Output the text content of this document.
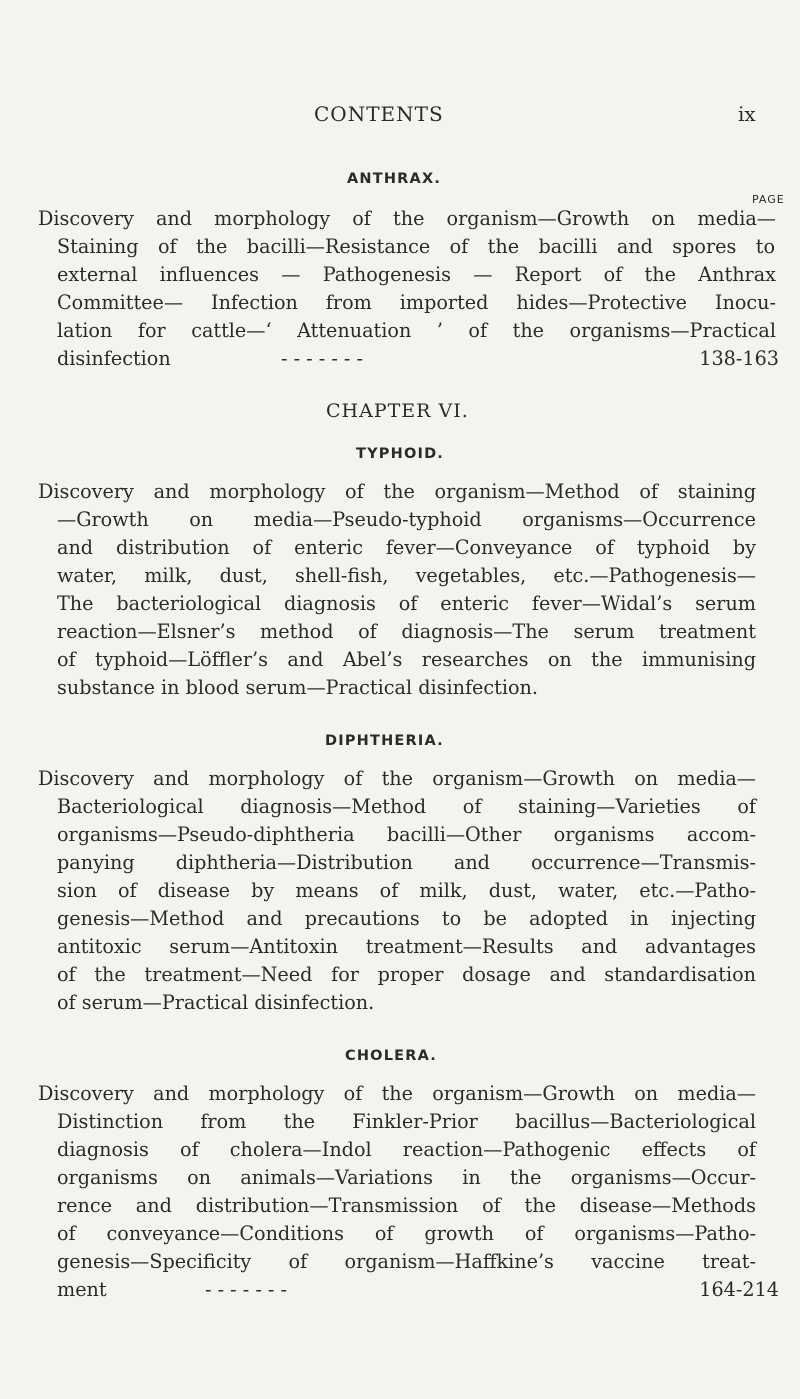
CONTENTS	ix
ANTHRAX.
PAGE
Discovery and morphology of the organism—Growth on media—
Staining of the bacilli—Resistance of the bacilli and spores to
external influences — Pathogenesis — Report of the Anthrax
Committee— Infection from imported hides—Protective Inocu-
lation for cattle—‘ Attenuation ’ of the organisms—Practical
disinfection	- - - - - - -	138-163
CHAPTER VI.
TYPHOID.
Discovery and morphology of the organism—Method of staining
—Growth on media—Pseudo-typhoid organisms—Occurrence
and distribution of enteric fever—Conveyance of typhoid by
water, milk, dust, shell-fish, vegetables, etc.—Pathogenesis—
The bacteriological diagnosis of enteric fever—Widal’s serum
reaction—Elsner’s method of diagnosis—The serum treatment
of typhoid—Löffler’s and Abel’s researches on the immunising
substance in blood serum—Practical disinfection.
DIPHTHERIA.
Discovery and morphology of the organism—Growth on media—
Bacteriological diagnosis—Method of staining—Varieties of
organisms—Pseudo-diphtheria bacilli—Other organisms accom-
panying diphtheria—Distribution and occurrence—Transmis-
sion of disease by means of milk, dust, water, etc.—Patho-
genesis—Method and precautions to be adopted in injecting
antitoxic serum—Antitoxin treatment—Results and advantages
of the treatment—Need for proper dosage and standardisation
of serum—Practical disinfection.
CHOLERA.
Discovery and morphology of the organism—Growth on media—
Distinction from the Finkler-Prior bacillus—Bacteriological
diagnosis of cholera—Indol reaction—Pathogenic effects of
organisms on animals—Variations in the organisms—Occur-
rence and distribution—Transmission of the disease—Methods
of conveyance—Conditions of growth of organisms—Patho-
genesis—Specificity of organism—Haffkine’s vaccine treat-
ment	- - - - - - -	164-214
